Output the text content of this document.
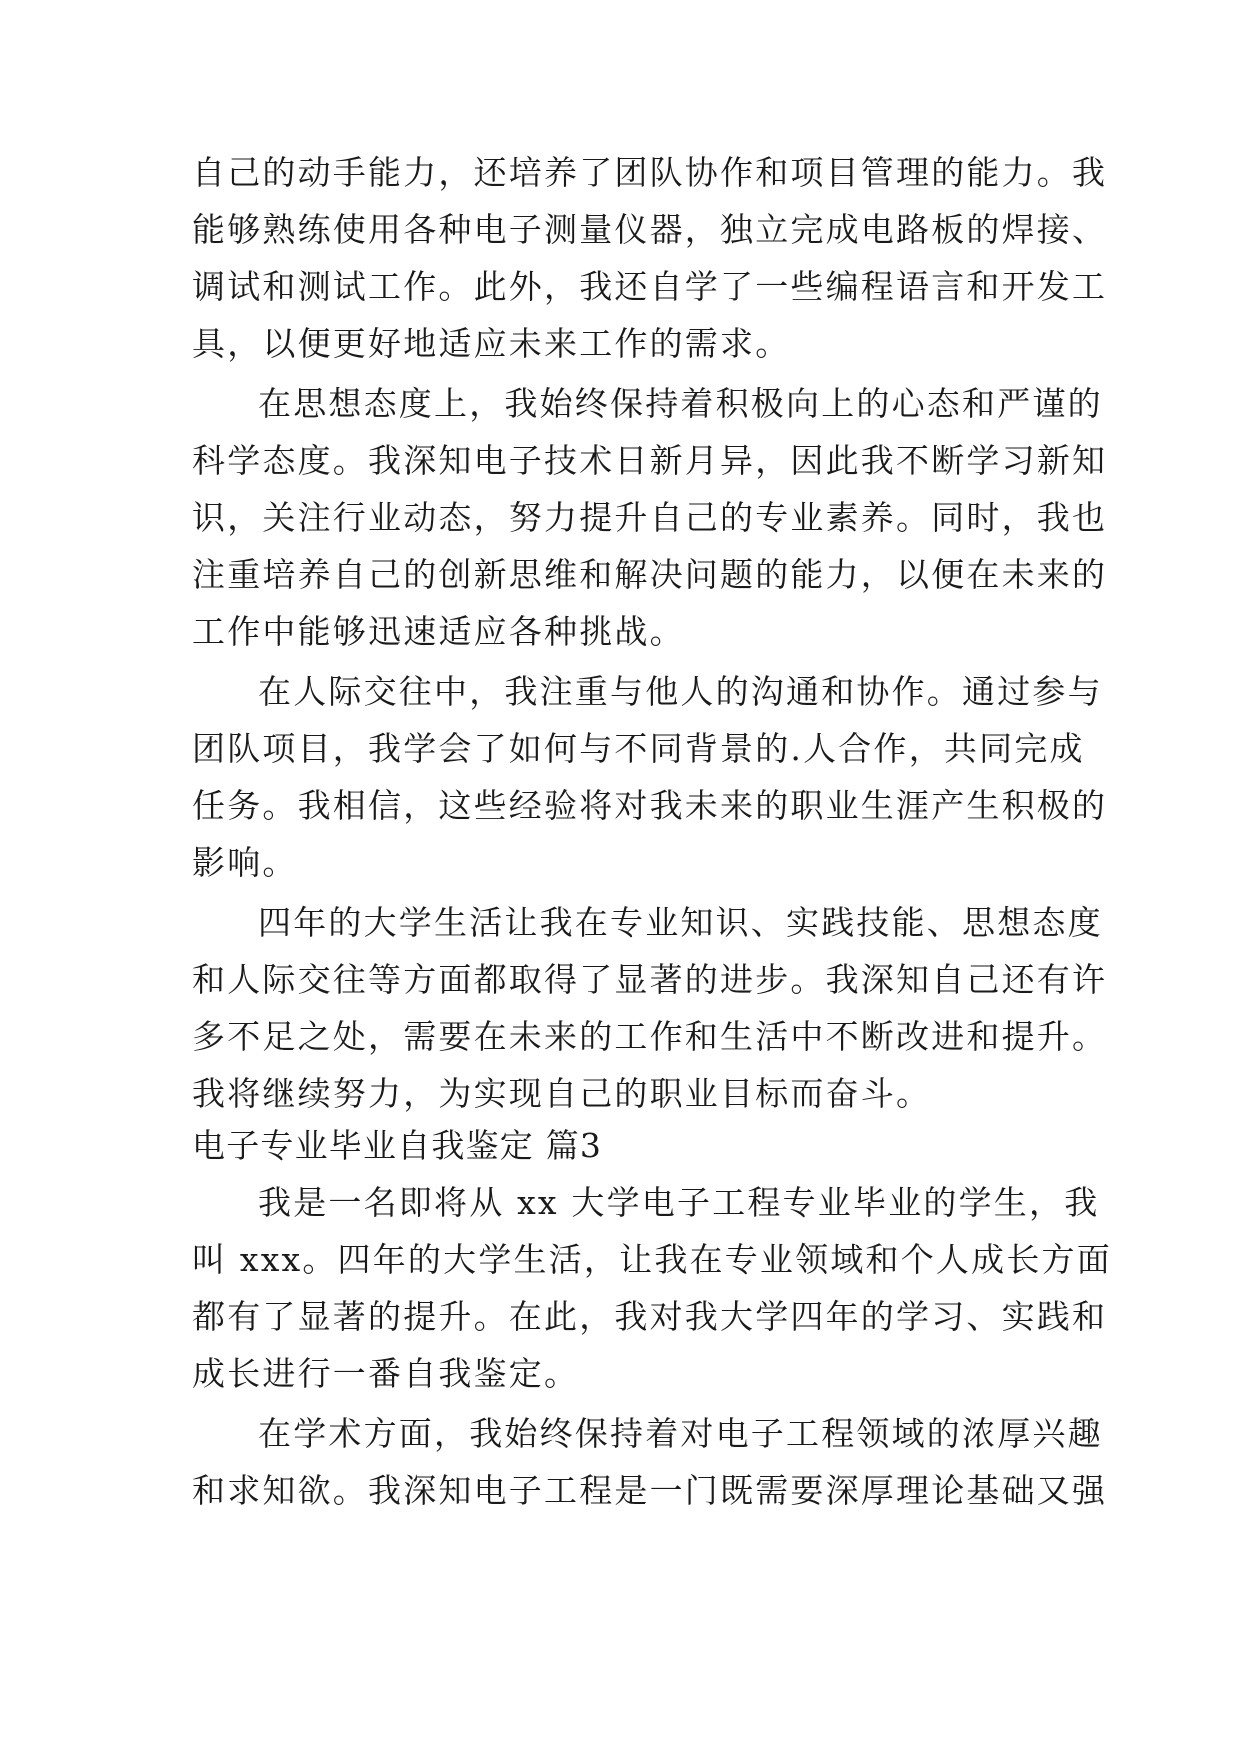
自己的动手能力，还培养了团队协作和项目管理的能力。我
能够熟练使用各种电子测量仪器，独立完成电路板的焊接、
调试和测试工作。此外，我还自学了一些编程语言和开发工
具，以便更好地适应未来工作的需求。
在思想态度上，我始终保持着积极向上的心态和严谨的
科学态度。我深知电子技术日新月异，因此我不断学习新知
识，关注行业动态，努力提升自己的专业素养。同时，我也
注重培养自己的创新思维和解决问题的能力，以便在未来的
工作中能够迅速适应各种挑战。
在人际交往中，我注重与他人的沟通和协作。通过参与
团队项目，我学会了如何与不同背景的.人合作，共同完成
任务。我相信，这些经验将对我未来的职业生涯产生积极的
影响。
四年的大学生活让我在专业知识、实践技能、思想态度
和人际交往等方面都取得了显著的进步。我深知自己还有许
多不足之处，需要在未来的工作和生活中不断改进和提升。
我将继续努力，为实现自己的职业目标而奋斗。
电子专业毕业自我鉴定 篇3
我是一名即将从 xx 大学电子工程专业毕业的学生，我
叫 xxx。四年的大学生活，让我在专业领域和个人成长方面
都有了显著的提升。在此，我对我大学四年的学习、实践和
成长进行一番自我鉴定。
在学术方面，我始终保持着对电子工程领域的浓厚兴趣
和求知欲。我深知电子工程是一门既需要深厚理论基础又强
